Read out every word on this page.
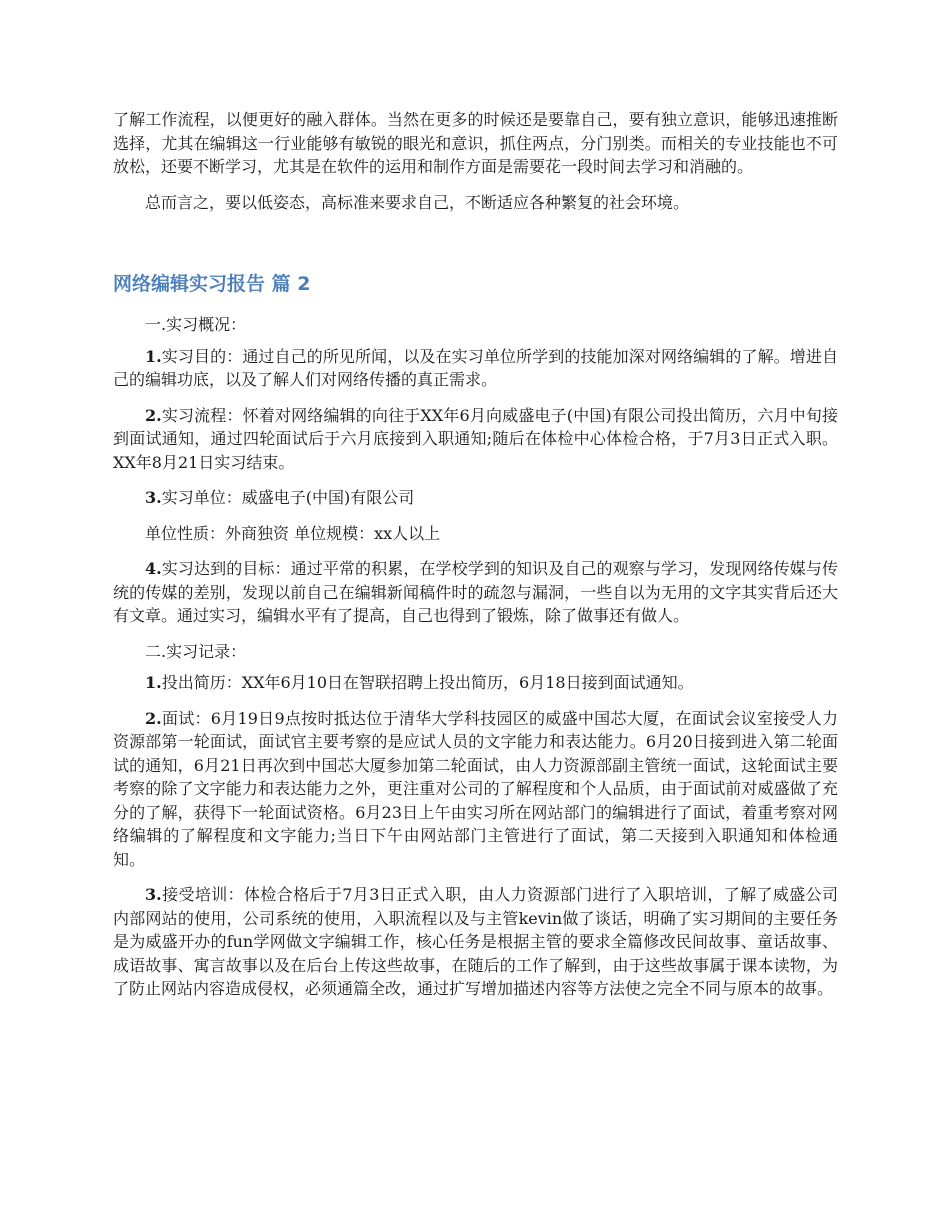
了解工作流程，以便更好的融入群体。当然在更多的时候还是要靠自己，要有独立意识，能够迅速推断选择，尤其在编辑这一行业能够有敏锐的眼光和意识，抓住两点，分门别类。而相关的专业技能也不可放松，还要不断学习，尤其是在软件的运用和制作方面是需要花一段时间去学习和消融的。

总而言之，要以低姿态，高标准来要求自己，不断适应各种繁复的社会环境。

网络编辑实习报告 篇 2

一.实习概况：

1.实习目的：通过自己的所见所闻，以及在实习单位所学到的技能加深对网络编辑的了解。增进自己的编辑功底，以及了解人们对网络传播的真正需求。

2.实习流程：怀着对网络编辑的向往于XX年6月向威盛电子(中国)有限公司投出简历，六月中旬接到面试通知，通过四轮面试后于六月底接到入职通知;随后在体检中心体检合格，于7月3日正式入职。XX年8月21日实习结束。

3.实习单位：威盛电子(中国)有限公司

单位性质：外商独资 单位规模：xx人以上

4.实习达到的目标：通过平常的积累，在学校学到的知识及自己的观察与学习，发现网络传媒与传统的传媒的差别，发现以前自己在编辑新闻稿件时的疏忽与漏洞，一些自以为无用的文字其实背后还大有文章。通过实习，编辑水平有了提高，自己也得到了锻炼，除了做事还有做人。

二.实习记录：

1.投出简历：XX年6月10日在智联招聘上投出简历，6月18日接到面试通知。

2.面试：6月19日9点按时抵达位于清华大学科技园区的威盛中国芯大厦，在面试会议室接受人力资源部第一轮面试，面试官主要考察的是应试人员的文字能力和表达能力。6月20日接到进入第二轮面试的通知，6月21日再次到中国芯大厦参加第二轮面试，由人力资源部副主管统一面试，这轮面试主要考察的除了文字能力和表达能力之外，更注重对公司的了解程度和个人品质，由于面试前对威盛做了充分的了解，获得下一轮面试资格。6月23日上午由实习所在网站部门的编辑进行了面试，着重考察对网络编辑的了解程度和文字能力;当日下午由网站部门主管进行了面试，第二天接到入职通知和体检通知。

3.接受培训：体检合格后于7月3日正式入职，由人力资源部门进行了入职培训，了解了威盛公司内部网站的使用，公司系统的使用，入职流程以及与主管kevin做了谈话，明确了实习期间的主要任务是为威盛开办的fun学网做文字编辑工作，核心任务是根据主管的要求全篇修改民间故事、童话故事、成语故事、寓言故事以及在后台上传这些故事，在随后的工作了解到，由于这些故事属于课本读物，为了防止网站内容造成侵权，必须通篇全改，通过扩写增加描述内容等方法使之完全不同与原本的故事。
